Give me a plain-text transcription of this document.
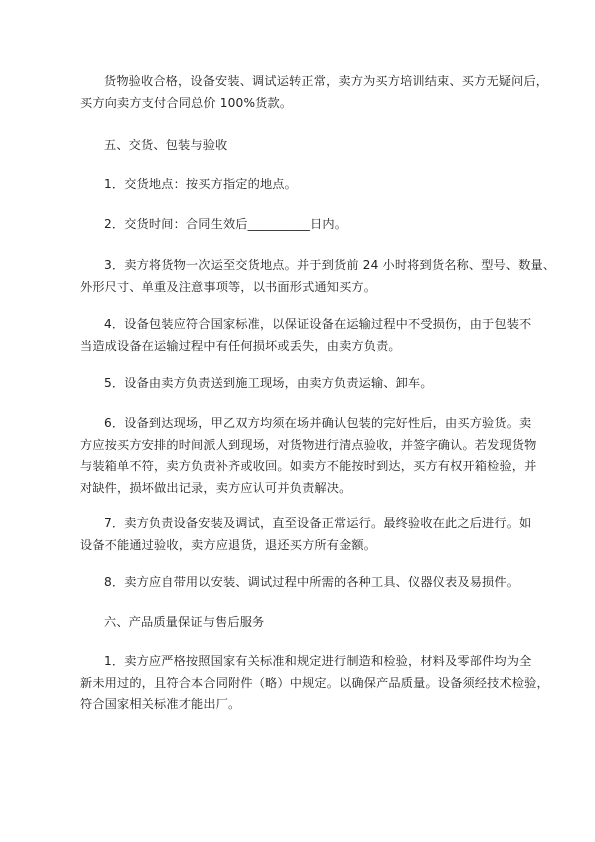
货物验收合格，设备安装、调试运转正常，卖方为买方培训结束、买方无疑问后，
买方向卖方支付合同总价 100%货款。
五、交货、包装与验收
1．交货地点：按买方指定的地点。
2．交货时间：合同生效后__________日内。
3．卖方将货物一次运至交货地点。并于到货前 24 小时将到货名称、型号、数量、
外形尺寸、单重及注意事项等，以书面形式通知买方。
4．设备包装应符合国家标准，以保证设备在运输过程中不受损伤，由于包装不
当造成设备在运输过程中有任何损坏或丢失，由卖方负责。
5．设备由卖方负责送到施工现场，由卖方负责运输、卸车。
6．设备到达现场，甲乙双方均须在场并确认包装的完好性后，由买方验货。卖
方应按买方安排的时间派人到现场，对货物进行清点验收，并签字确认。若发现货物
与装箱单不符，卖方负责补齐或收回。如卖方不能按时到达，买方有权开箱检验，并
对缺件，损坏做出记录，卖方应认可并负责解决。
7．卖方负责设备安装及调试，直至设备正常运行。最终验收在此之后进行。如
设备不能通过验收，卖方应退货，退还买方所有金额。
8．卖方应自带用以安装、调试过程中所需的各种工具、仪器仪表及易损件。
六、产品质量保证与售后服务
1．卖方应严格按照国家有关标准和规定进行制造和检验，材料及零部件均为全
新未用过的，且符合本合同附件（略）中规定。以确保产品质量。设备须经技术检验，
符合国家相关标准才能出厂。
